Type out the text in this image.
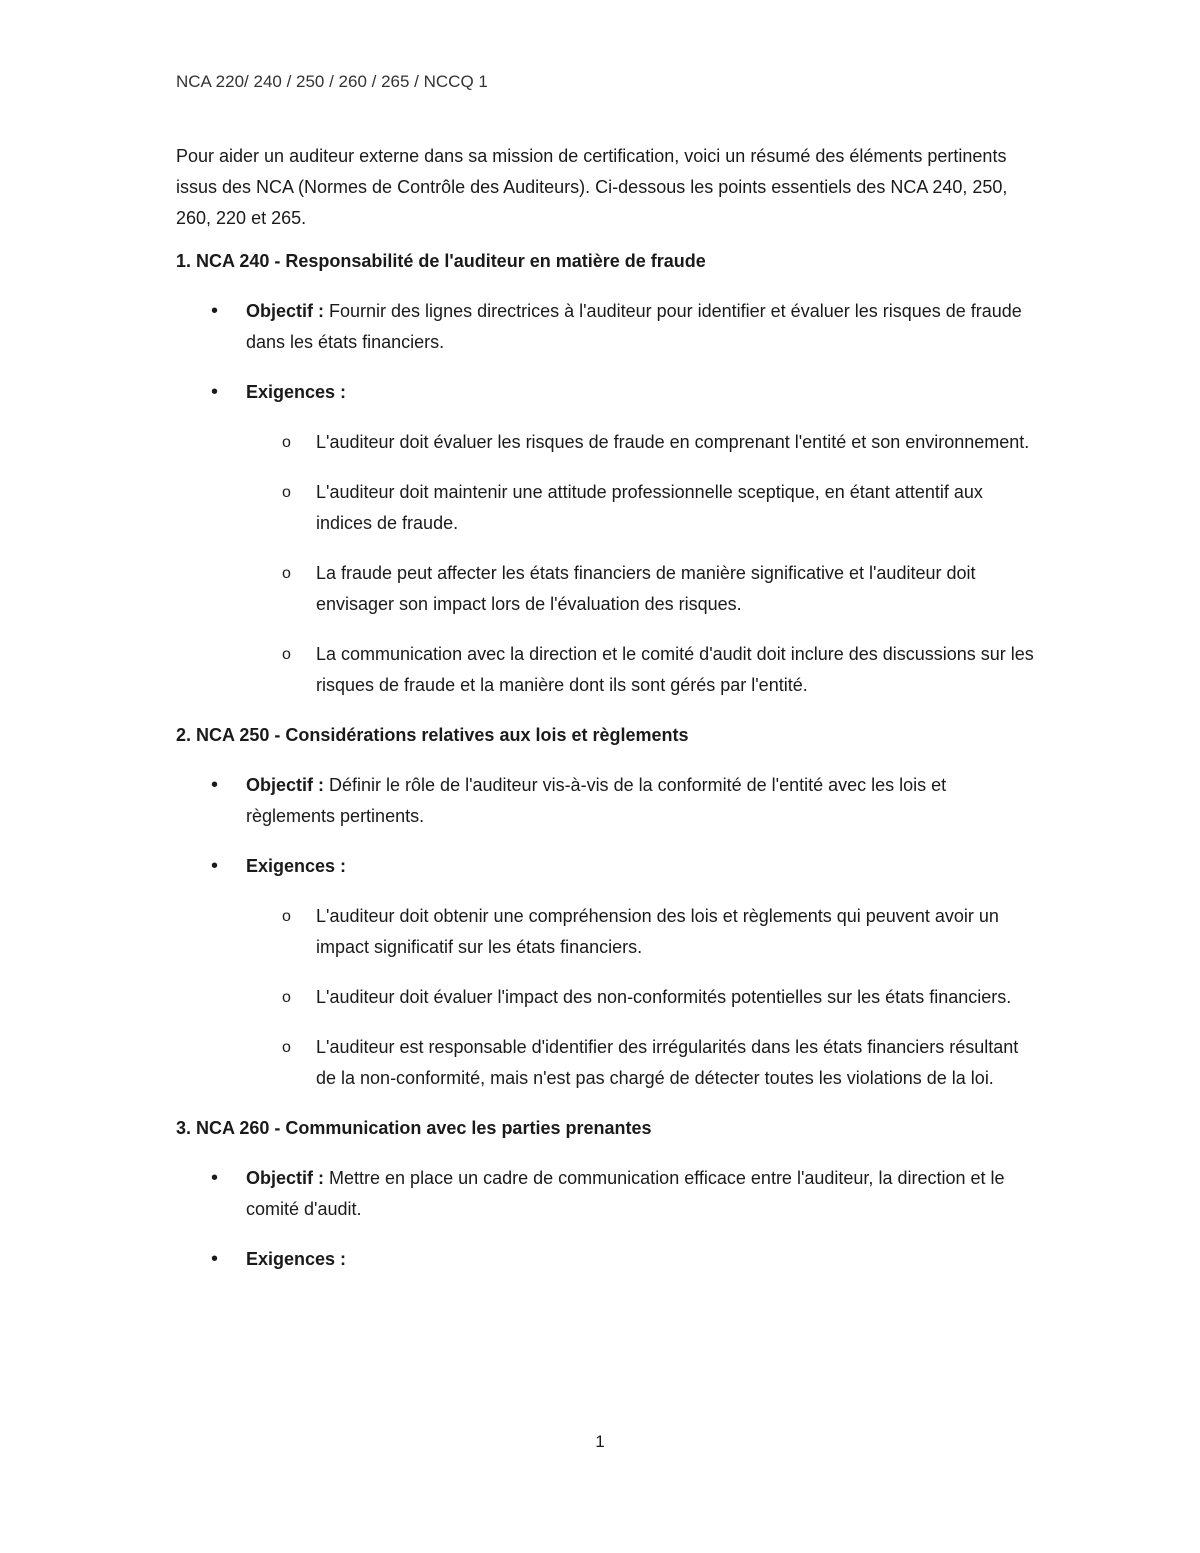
NCA 220/ 240 / 250 / 260 / 265 / NCCQ 1

Pour aider un auditeur externe dans sa mission de certification, voici un résumé des éléments pertinents issus des NCA (Normes de Contrôle des Auditeurs). Ci-dessous les points essentiels des NCA 240, 250, 260, 220 et 265.

1. NCA 240 - Responsabilité de l'auditeur en matière de fraude

• Objectif : Fournir des lignes directrices à l'auditeur pour identifier et évaluer les risques de fraude dans les états financiers.
• Exigences :
o L'auditeur doit évaluer les risques de fraude en comprenant l'entité et son environnement.
o L'auditeur doit maintenir une attitude professionnelle sceptique, en étant attentif aux indices de fraude.
o La fraude peut affecter les états financiers de manière significative et l'auditeur doit envisager son impact lors de l'évaluation des risques.
o La communication avec la direction et le comité d'audit doit inclure des discussions sur les risques de fraude et la manière dont ils sont gérés par l'entité.

2. NCA 250 - Considérations relatives aux lois et règlements

• Objectif : Définir le rôle de l'auditeur vis-à-vis de la conformité de l'entité avec les lois et règlements pertinents.
• Exigences :
o L'auditeur doit obtenir une compréhension des lois et règlements qui peuvent avoir un impact significatif sur les états financiers.
o L'auditeur doit évaluer l'impact des non-conformités potentielles sur les états financiers.
o L'auditeur est responsable d'identifier des irrégularités dans les états financiers résultant de la non-conformité, mais n'est pas chargé de détecter toutes les violations de la loi.

3. NCA 260 - Communication avec les parties prenantes

• Objectif : Mettre en place un cadre de communication efficace entre l'auditeur, la direction et le comité d'audit.
• Exigences :
1
